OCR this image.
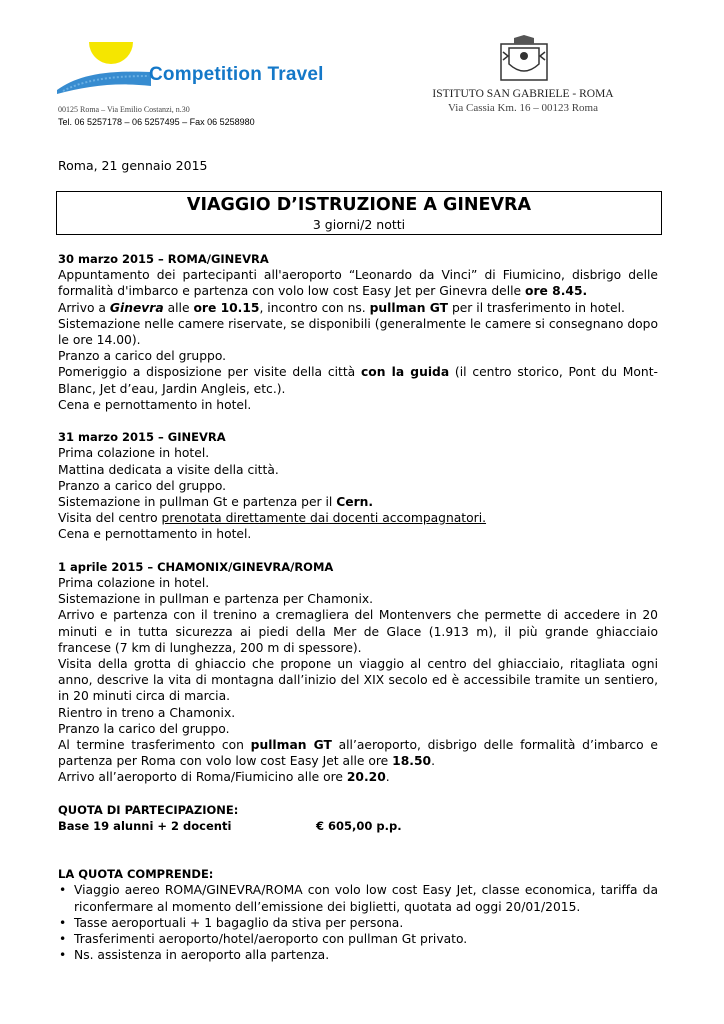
Competition Travel
00125 Roma – Via Emilio Costanzi, n.30
Tel. 06 5257178 – 06 5257495 – Fax 06 5258980
ISTITUTO SAN GABRIELE - ROMA
Via Cassia Km. 16 – 00123 Roma
Roma, 21 gennaio 2015
VIAGGIO D’ISTRUZIONE A GINEVRA
3 giorni/2 notti
30 marzo 2015 – ROMA/GINEVRA
Appuntamento dei partecipanti all'aeroporto “Leonardo da Vinci” di Fiumicino, disbrigo delle formalità d'imbarco e partenza con volo low cost Easy Jet per Ginevra delle ore 8.45.
Arrivo a Ginevra alle ore 10.15, incontro con ns. pullman GT per il trasferimento in hotel.
Sistemazione nelle camere riservate, se disponibili (generalmente le camere si consegnano dopo le ore 14.00).
Pranzo a carico del gruppo.
Pomeriggio a disposizione per visite della città con la guida (il centro storico, Pont du Mont-Blanc, Jet d’eau, Jardin Angleis, etc.).
Cena e pernottamento in hotel.
31 marzo 2015 – GINEVRA
Prima colazione in hotel.
Mattina dedicata a visite della città.
Pranzo a carico del gruppo.
Sistemazione in pullman Gt e partenza per il Cern.
Visita del centro prenotata direttamente dai docenti accompagnatori.
Cena e pernottamento in hotel.
1 aprile 2015 – CHAMONIX/GINEVRA/ROMA
Prima colazione in hotel.
Sistemazione in pullman e partenza per Chamonix.
Arrivo e partenza con il trenino a cremagliera del Montenvers che permette di accedere in 20 minuti e in tutta sicurezza ai piedi della Mer de Glace (1.913 m), il più grande ghiacciaio francese (7 km di lunghezza, 200 m di spessore).
Visita della grotta di ghiaccio che propone un viaggio al centro del ghiacciaio, ritagliata ogni anno, descrive la vita di montagna dall’inizio del XIX secolo ed è accessibile tramite un sentiero, in 20 minuti circa di marcia.
Rientro in treno a Chamonix.
Pranzo la carico del gruppo.
Al termine trasferimento con pullman GT all’aeroporto, disbrigo delle formalità d’imbarco e partenza per Roma con volo low cost Easy Jet alle ore 18.50.
Arrivo all’aeroporto di Roma/Fiumicino alle ore 20.20.
QUOTA DI PARTECIPAZIONE:
Base 19 alunni + 2 docenti	€ 605,00 p.p.
LA QUOTA COMPRENDE:
• Viaggio aereo ROMA/GINEVRA/ROMA con volo low cost Easy Jet, classe economica, tariffa da riconfermare al momento dell’emissione dei biglietti, quotata ad oggi 20/01/2015.
• Tasse aeroportuali + 1 bagaglio da stiva per persona.
• Trasferimenti aeroporto/hotel/aeroporto con pullman Gt privato.
• Ns. assistenza in aeroporto alla partenza.
